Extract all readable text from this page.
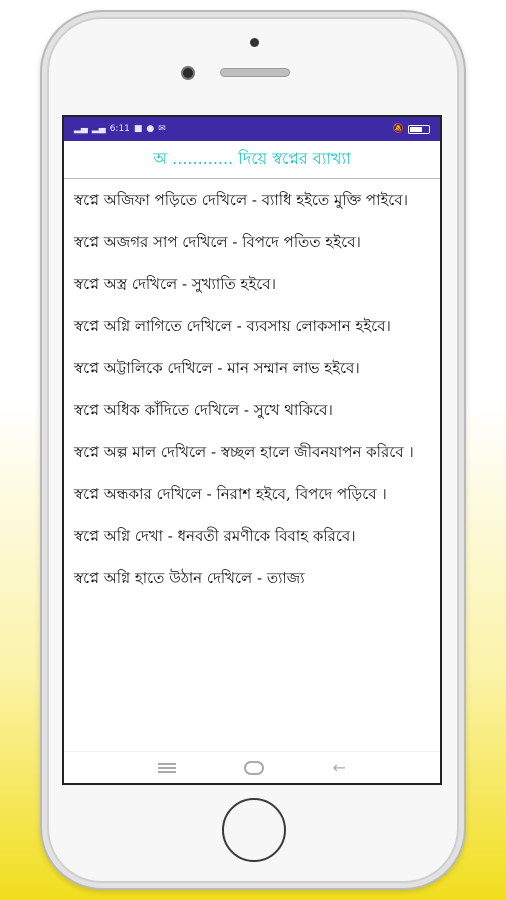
▂▄ ▂▄ 6:11 ■ ● ✉	🔕
অ ............ দিয়ে স্বপ্নের ব্যাখ্যা

স্বপ্নে অজিফা পড়িতে দেখিলে - ব্যাধি হইতে মুক্তি পাইবে।

স্বপ্নে অজগর সাপ দেখিলে - বিপদে পতিত হইবে।

স্বপ্নে অস্ত্র দেখিলে - সুখ্যাতি হইবে।

স্বপ্নে অগ্নি লাগিতে দেখিলে - ব্যবসায় লোকসান হইবে।

স্বপ্নে অট্টালিকে দেখিলে - মান সম্মান লাভ হইবে।

স্বপ্নে অধিক কাঁদিতে দেখিলে - সুখে থাকিবে।

স্বপ্নে অল্প মাল দেখিলে - স্বচ্ছল হালে জীবনযাপন করিবে ।

স্বপ্নে অন্ধকার দেখিলে - নিরাশ হইবে, বিপদে পড়িবে ।

স্বপ্নে অগ্নি দেখা - ধনবতী রমণীকে বিবাহ করিবে।

স্বপ্নে অগ্নি হাতে উঠান দেখিলে - ত্যাজ্য

←
